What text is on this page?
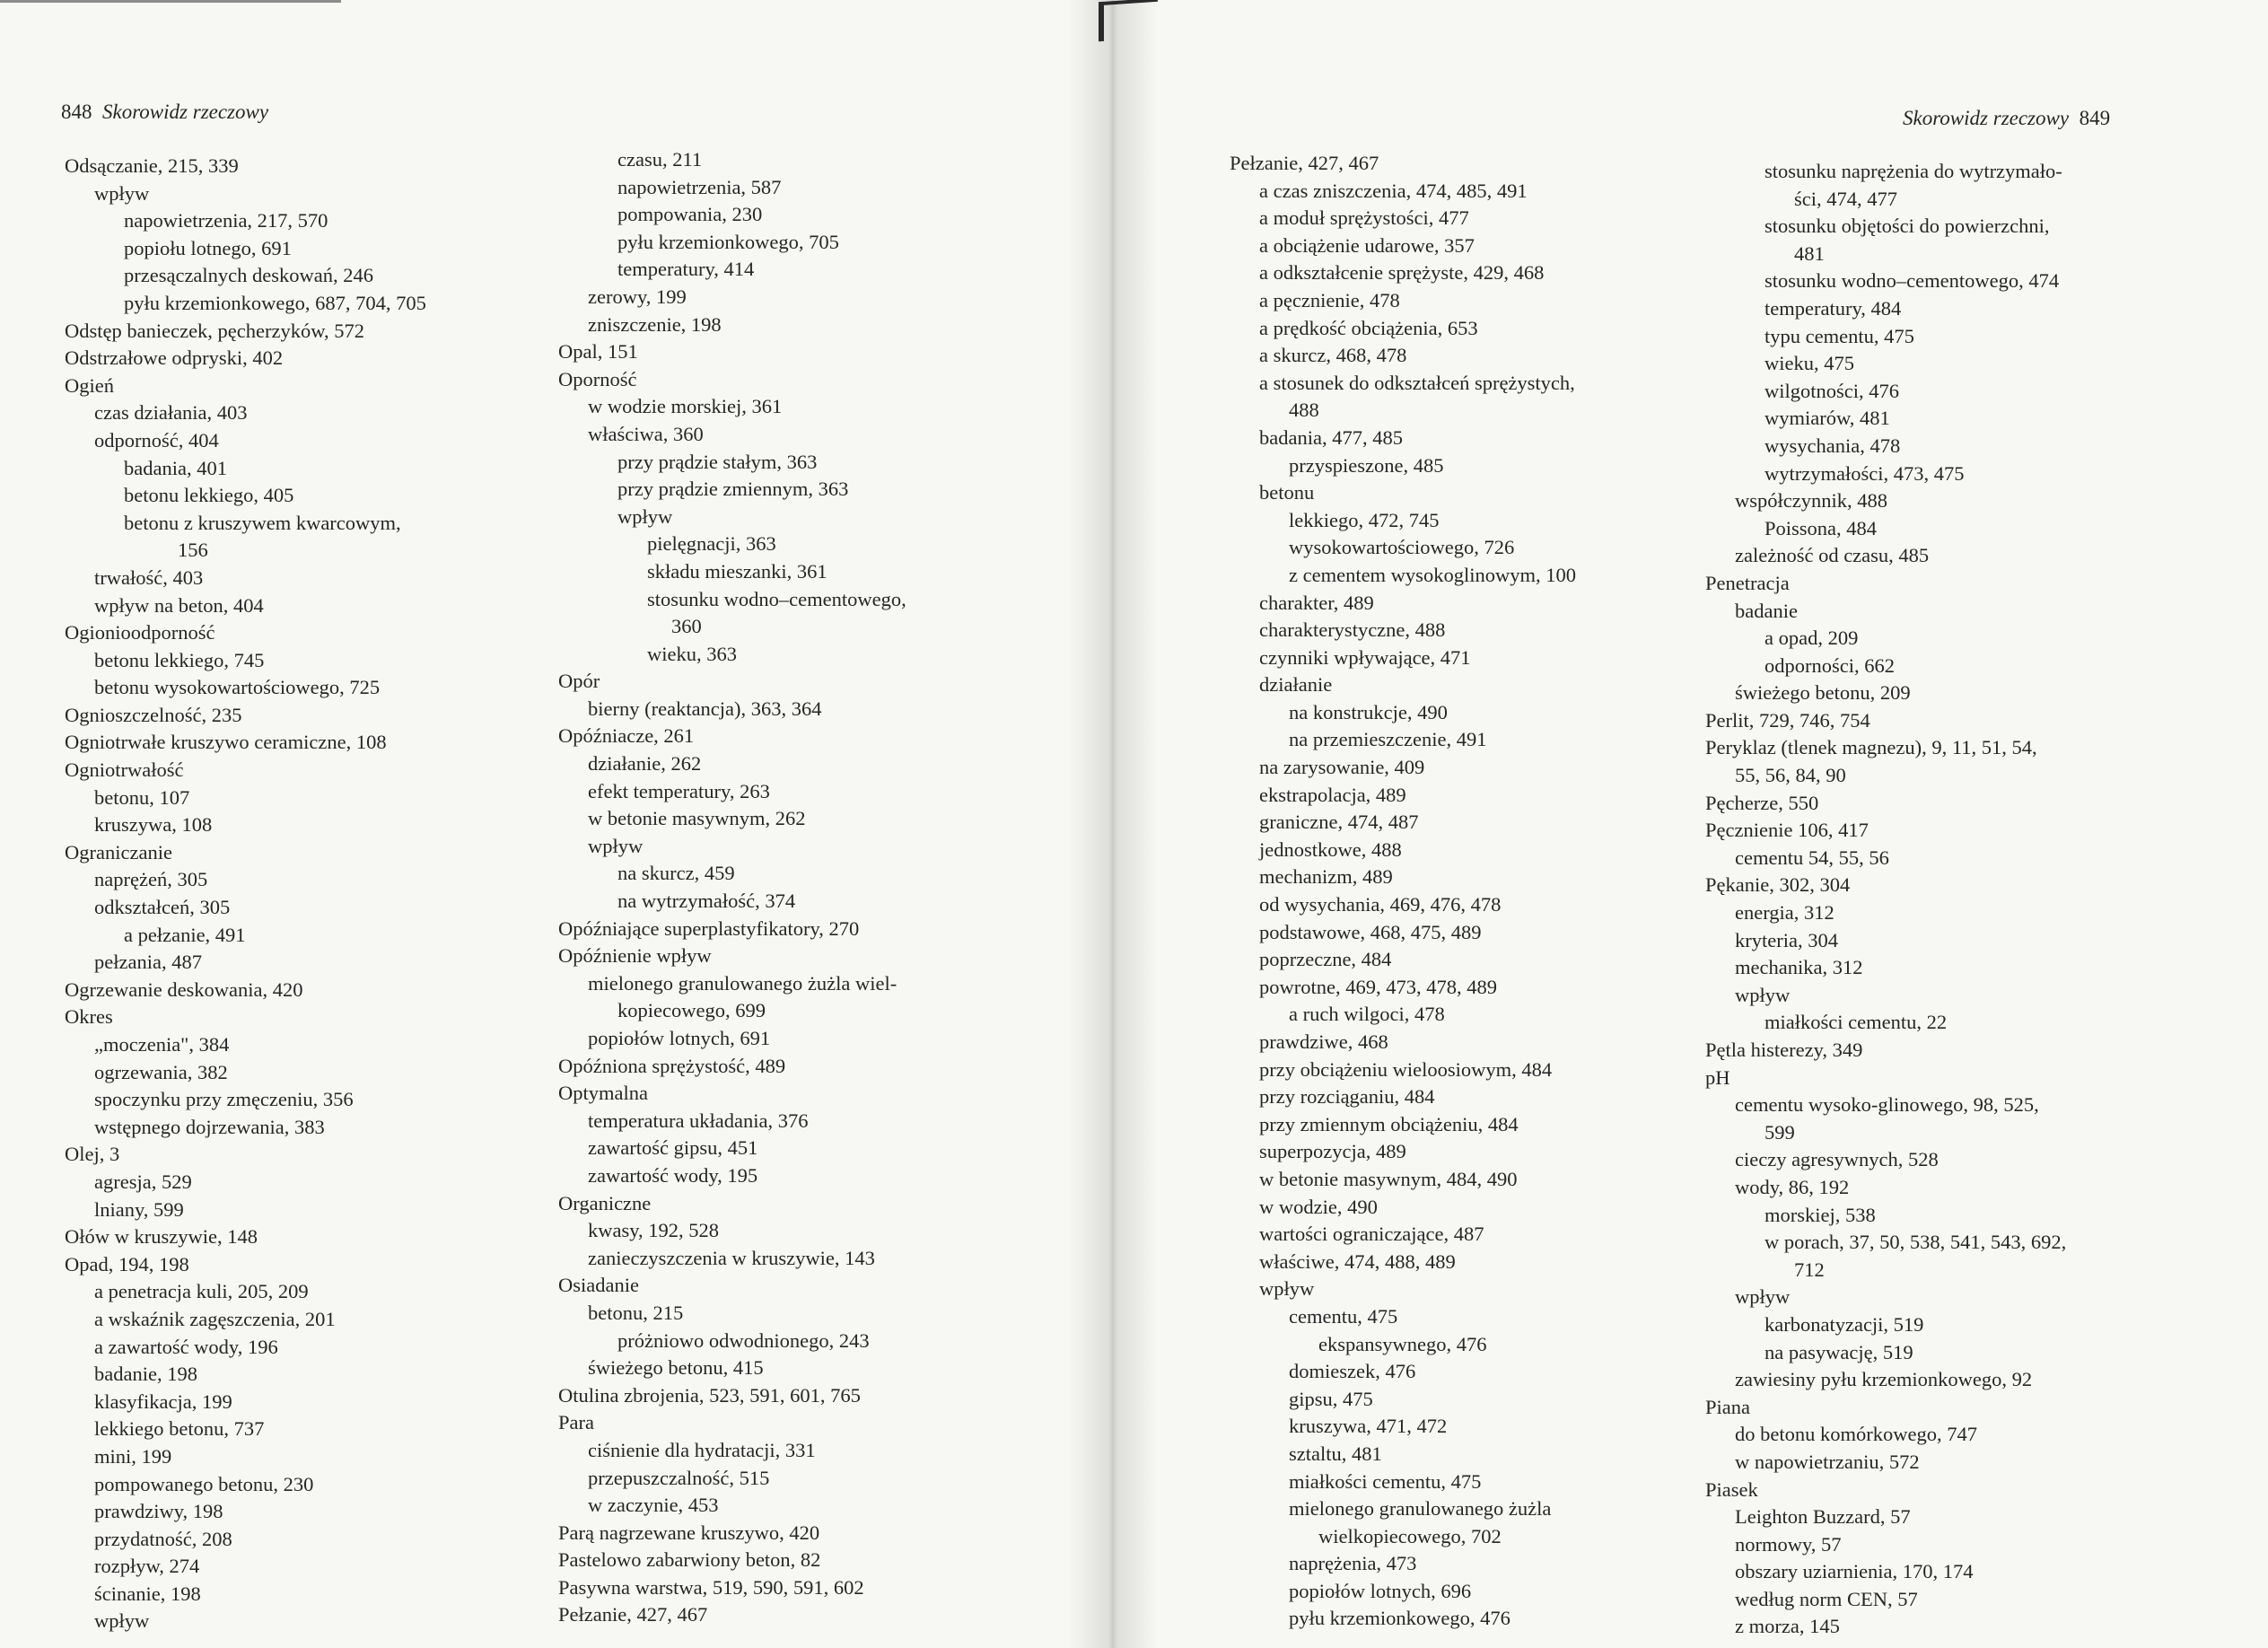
848 Skorowidz rzeczowy
Odsączanie, 215, 339
wpływ
napowietrzenia, 217, 570
popiołu lotnego, 691
przesączalnych deskowań, 246
pyłu krzemionkowego, 687, 704, 705
Odstęp banieczek, pęcherzyków, 572
Odstrzałowe odpryski, 402
Ogień
czas działania, 403
odporność, 404
badania, 401
betonu lekkiego, 405
betonu z kruszywem kwarcowym,
156
trwałość, 403
wpływ na beton, 404
Ogionioodporność
betonu lekkiego, 745
betonu wysokowartościowego, 725
Ognioszczelność, 235
Ogniotrwałe kruszywo ceramiczne, 108
Ogniotrwałość
betonu, 107
kruszywa, 108
Ograniczanie
naprężeń, 305
odkształceń, 305
a pełzanie, 491
pełzania, 487
Ogrzewanie deskowania, 420
Okres
„moczenia", 384
ogrzewania, 382
spoczynku przy zmęczeniu, 356
wstępnego dojrzewania, 383
Olej, 3
agresja, 529
lniany, 599
Ołów w kruszywie, 148
Opad, 194, 198
a penetracja kuli, 205, 209
a wskaźnik zagęszczenia, 201
a zawartość wody, 196
badanie, 198
klasyfikacja, 199
lekkiego betonu, 737
mini, 199
pompowanego betonu, 230
prawdziwy, 198
przydatność, 208
rozpływ, 274
ścinanie, 198
wpływ
czasu, 211
napowietrzenia, 587
pompowania, 230
pyłu krzemionkowego, 705
temperatury, 414
zerowy, 199
zniszczenie, 198
Opal, 151
Oporność
w wodzie morskiej, 361
właściwa, 360
przy prądzie stałym, 363
przy prądzie zmiennym, 363
wpływ
pielęgnacji, 363
składu mieszanki, 361
stosunku wodno–cementowego,
360
wieku, 363
Opór
bierny (reaktancja), 363, 364
Opóźniacze, 261
działanie, 262
efekt temperatury, 263
w betonie masywnym, 262
wpływ
na skurcz, 459
na wytrzymałość, 374
Opóźniające superplastyfikatory, 270
Opóźnienie wpływ
mielonego granulowanego żużla wiel-
kopiecowego, 699
popiołów lotnych, 691
Opóźniona sprężystość, 489
Optymalna
temperatura układania, 376
zawartość gipsu, 451
zawartość wody, 195
Organiczne
kwasy, 192, 528
zanieczyszczenia w kruszywie, 143
Osiadanie
betonu, 215
próżniowo odwodnionego, 243
świeżego betonu, 415
Otulina zbrojenia, 523, 591, 601, 765
Para
ciśnienie dla hydratacji, 331
przepuszczalność, 515
w zaczynie, 453
Parą nagrzewane kruszywo, 420
Pastelowo zabarwiony beton, 82
Pasywna warstwa, 519, 590, 591, 602
Pełzanie, 427, 467
Skorowidz rzeczowy 849
Pełzanie, 427, 467
a czas zniszczenia, 474, 485, 491
a moduł sprężystości, 477
a obciążenie udarowe, 357
a odkształcenie sprężyste, 429, 468
a pęcznienie, 478
a prędkość obciążenia, 653
a skurcz, 468, 478
a stosunek do odkształceń sprężystych,
488
badania, 477, 485
przyspieszone, 485
betonu
lekkiego, 472, 745
wysokowartościowego, 726
z cementem wysokoglinowym, 100
charakter, 489
charakterystyczne, 488
czynniki wpływające, 471
działanie
na konstrukcje, 490
na przemieszczenie, 491
na zarysowanie, 409
ekstrapolacja, 489
graniczne, 474, 487
jednostkowe, 488
mechanizm, 489
od wysychania, 469, 476, 478
podstawowe, 468, 475, 489
poprzeczne, 484
powrotne, 469, 473, 478, 489
a ruch wilgoci, 478
prawdziwe, 468
przy obciążeniu wieloosiowym, 484
przy rozciąganiu, 484
przy zmiennym obciążeniu, 484
superpozycja, 489
w betonie masywnym, 484, 490
w wodzie, 490
wartości ograniczające, 487
właściwe, 474, 488, 489
wpływ
cementu, 475
ekspansywnego, 476
domieszek, 476
gipsu, 475
kruszywa, 471, 472
sztaltu, 481
miałkości cementu, 475
mielonego granulowanego żużla
wielkopiecowego, 702
naprężenia, 473
popiołów lotnych, 696
pyłu krzemionkowego, 476
stosunku naprężenia do wytrzymało-
ści, 474, 477
stosunku objętości do powierzchni,
481
stosunku wodno–cementowego, 474
temperatury, 484
typu cementu, 475
wieku, 475
wilgotności, 476
wymiarów, 481
wysychania, 478
wytrzymałości, 473, 475
współczynnik, 488
Poissona, 484
zależność od czasu, 485
Penetracja
badanie
a opad, 209
odporności, 662
świeżego betonu, 209
Perlit, 729, 746, 754
Peryklaz (tlenek magnezu), 9, 11, 51, 54,
55, 56, 84, 90
Pęcherze, 550
Pęcznienie 106, 417
cementu 54, 55, 56
Pękanie, 302, 304
energia, 312
kryteria, 304
mechanika, 312
wpływ
miałkości cementu, 22
Pętla histerezy, 349
pH
cementu wysoko-glinowego, 98, 525,
599
cieczy agresywnych, 528
wody, 86, 192
morskiej, 538
w porach, 37, 50, 538, 541, 543, 692,
712
wpływ
karbonatyzacji, 519
na pasywację, 519
zawiesiny pyłu krzemionkowego, 92
Piana
do betonu komórkowego, 747
w napowietrzaniu, 572
Piasek
Leighton Buzzard, 57
normowy, 57
obszary uziarnienia, 170, 174
według norm CEN, 57
z morza, 145
